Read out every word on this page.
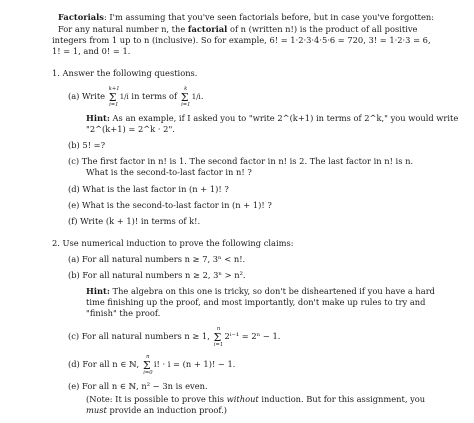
Factorials: I'm assuming that you've seen factorials before, but in case you've forgotten:
For any natural number n, the factorial of n (written n!) is the product of all positive
integers from 1 up to n (inclusive). So for example, 6! = 1·2·3·4·5·6 = 720, 3! = 1·2·3 = 6,
1! = 1, and 0! = 1.
1. Answer the following questions.
(a) Write
k+1
Σ
i=1
1/i in terms of
k
Σ
i=1
1/i.
Hint: As an example, if I asked you to "write 2^(k+1) in terms of 2^k," you would write
"2^(k+1) = 2^k · 2".
(b) 5! =?
(c) The first factor in n! is 1. The second factor in n! is 2. The last factor in n! is n.
What is the second-to-last factor in n! ?
(d) What is the last factor in (n + 1)! ?
(e) What is the second-to-last factor in (n + 1)! ?
(f) Write (k + 1)! in terms of k!.
2. Use numerical induction to prove the following claims:
(a) For all natural numbers n ≥ 7, 3ⁿ < n!.
(b) For all natural numbers n ≥ 2, 3ⁿ > n².
Hint: The algebra on this one is tricky, so don't be disheartened if you have a hard
time finishing up the proof, and most importantly, don't make up rules to try and
"finish" the proof.
(c) For all natural numbers n ≥ 1,
n
Σ
i=1
2ⁱ⁻¹ = 2ⁿ − 1.
(d) For all n ∈ ℕ,
n
Σ
i=0
i! · i = (n + 1)! − 1.
(e) For all n ∈ ℕ, n² − 3n is even.
(Note: It is possible to prove this without induction. But for this assignment, you
must provide an induction proof.)
